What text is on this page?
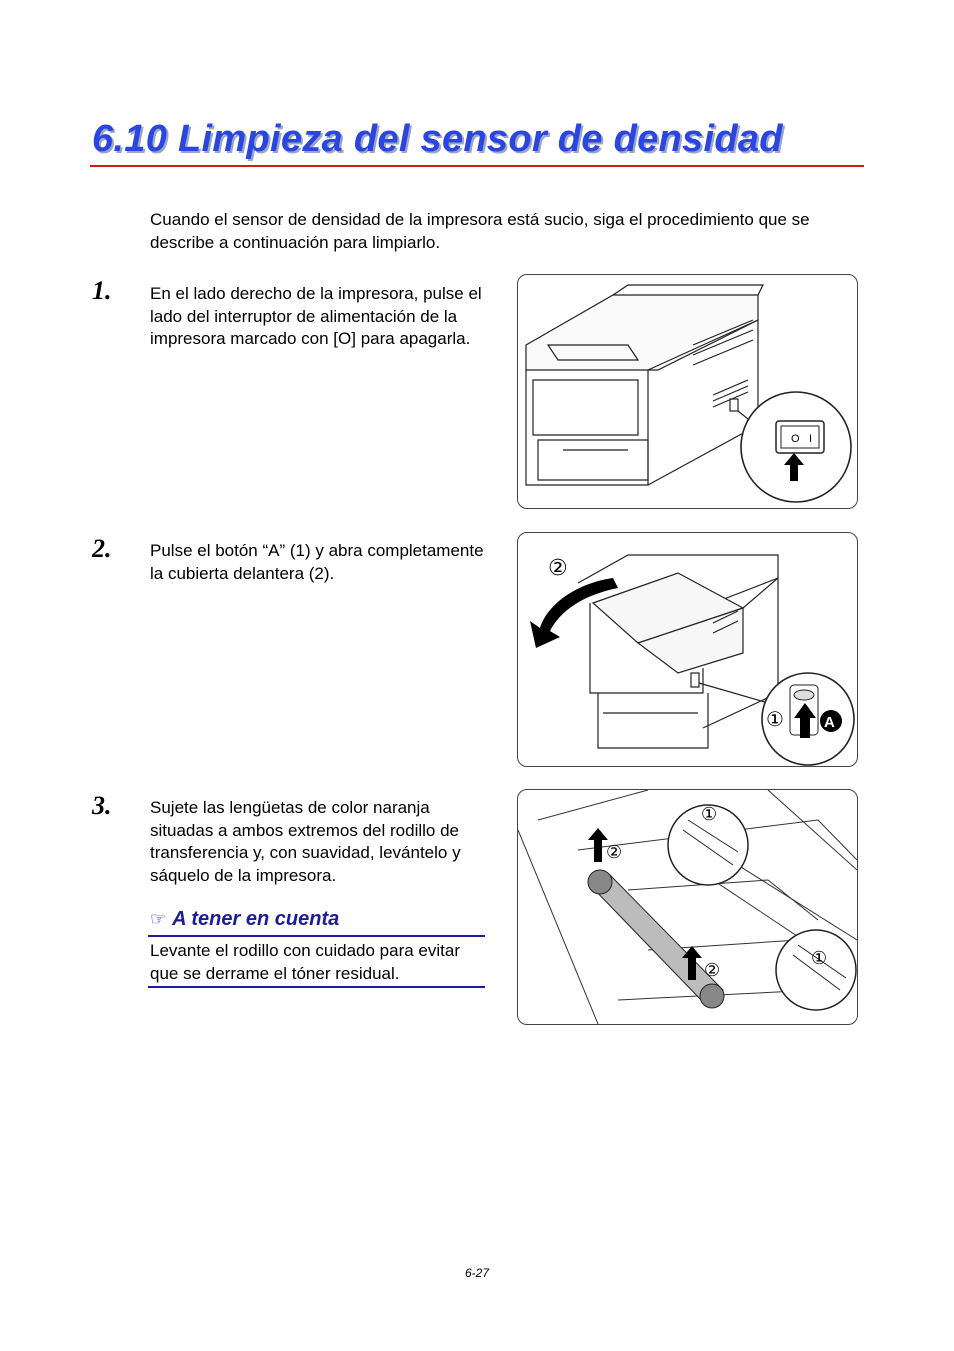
6.10 Limpieza del sensor de densidad

Cuando el sensor de densidad de la impresora está sucio, siga el procedimiento que se describe a continuación para limpiarlo.

1. En el lado derecho de la impresora, pulse el lado del interruptor de alimentación de la impresora marcado con [O] para apagarla.

O I
2. Pulse el botón “A” (1) y abra completamente la cubierta delantera (2).	②
①	A
3. Sujete las lengüetas de color naranja situadas a ambos extremos del rodillo de transferencia y, con suavidad, levántelo y sáquelo de la impresora.

②
②
①
①
☞ A tener en cuenta

Levante el rodillo con cuidado para evitar que se derrame el tóner residual.

6-27
